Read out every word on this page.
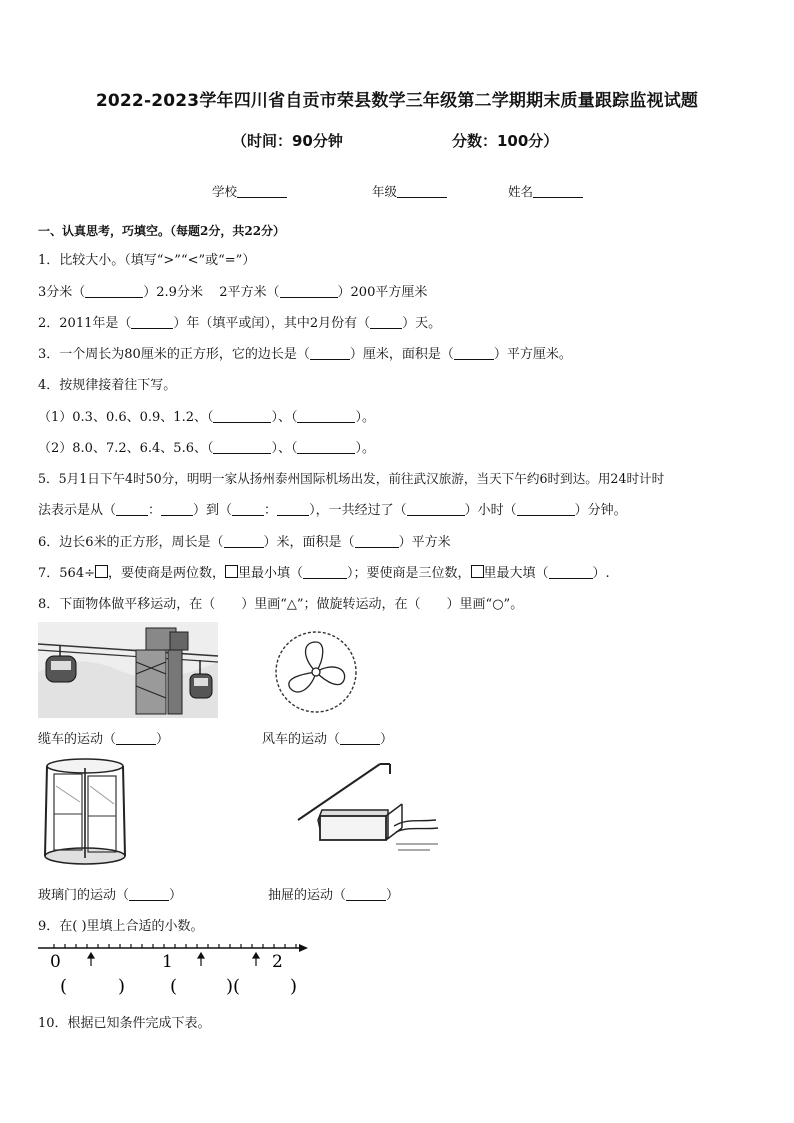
2022-2023学年四川省自贡市荣县数学三年级第二学期期末质量跟踪监视试题
（时间：90分钟	分数：100分）
学校	年级	姓名
一、认真思考，巧填空。（每题2分，共22分）
1．比较大小。（填写“>”“<”或“=”）
3分米（	）2.9分米 2平方米（	）200平方厘米
2．2011年是（	）年（填平或闰），其中2月份有（ ）天。
3．一个周长为80厘米的正方形，它的边长是（	）厘米，面积是（	）平方厘米。
4．按规律接着往下写。
（1）0.3、0.6、0.9、1.2、（	）、（	）。
（2）8.0、7.2、6.4、5.6、（	）、（	）。
5．5月1日下午4时50分，明明一家从扬州泰州国际机场出发，前往武汉旅游，当天下午约6时到达。用24时计时
法表示是从（ ： ）到（ ： ），一共经过了（	）小时（	）分钟。
6．边长6米的正方形，周长是（	）米，面积是（	）平方米
7．564÷ ，要使商是两位数， 里最小填（	）；要使商是三位数， 里最大填（	）.
8．下面物体做平移运动，在（　　）里画“△”；做旋转运动，在（　　）里画“○”。
缆车的运动（	）	风车的运动（	）
玻璃门的运动（	）	抽屉的运动（	）
9．在( )里填上合适的小数。
0	1	2
(	) (	)(	)
10．根据已知条件完成下表。
